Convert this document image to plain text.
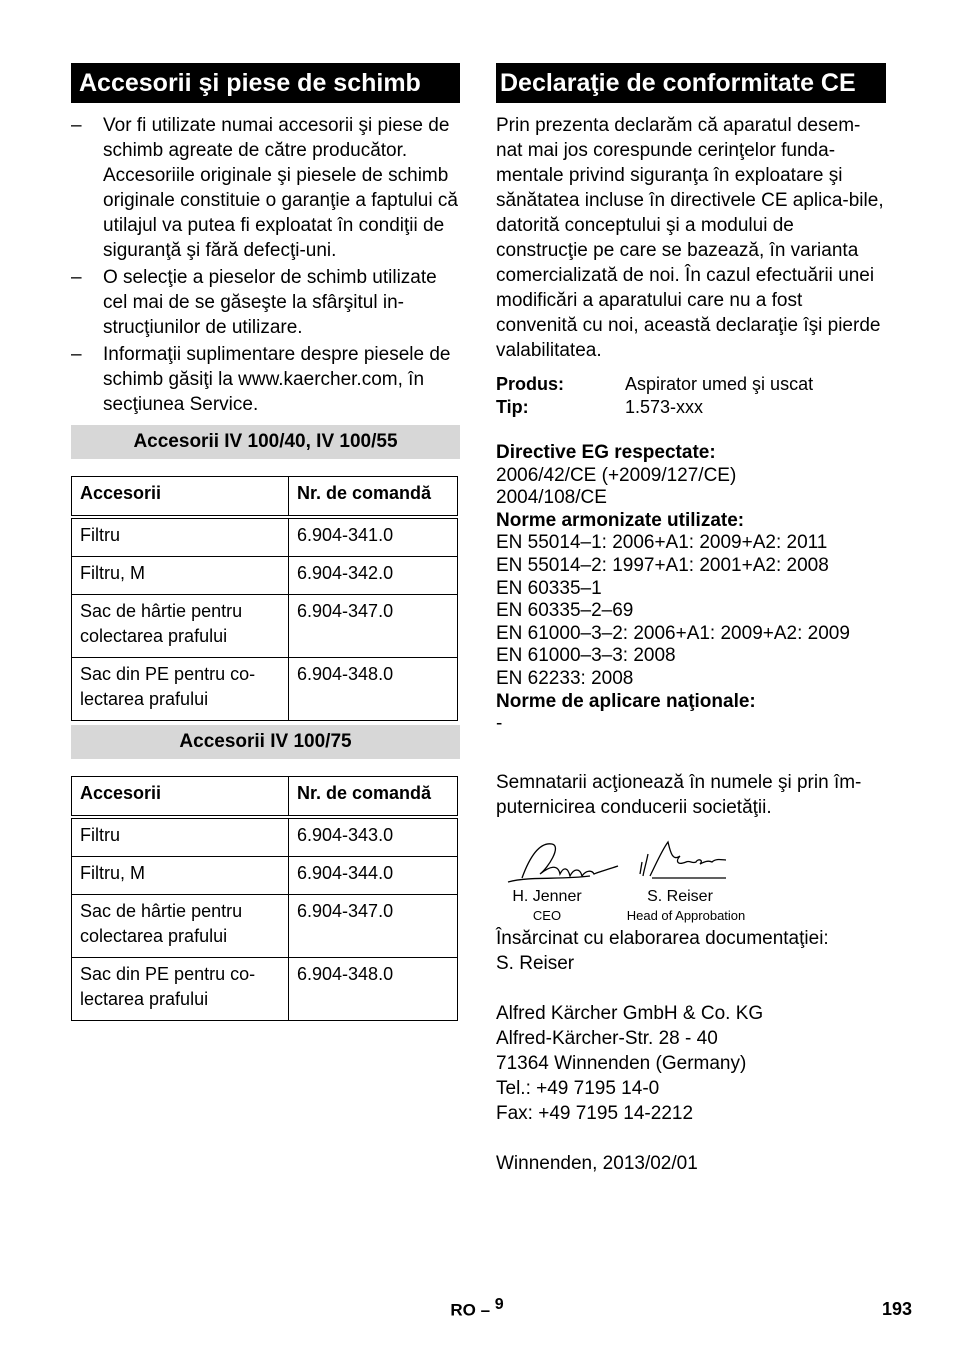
Accesorii şi piese de schimb
– Vor fi utilizate numai accesorii şi piese de schimb agreate de către producător. Accesoriile originale şi piesele de schimb originale constituie o garanţie a faptului că utilajul va putea fi exploatat în condiţii de siguranţă şi fără defecţi-uni.
– O selecţie a pieselor de schimb utilizate cel mai de se găseşte la sfârşitul in-strucţiunilor de utilizare.
– Informaţii suplimentare despre piesele de schimb găsiţi la www.kaercher.com, în secţiunea Service.
Accesorii IV 100/40, IV 100/55
Accesorii	Nr. de comandă
Filtru	6.904-341.0
Filtru, M	6.904-342.0
Sac de hârtie pentru colectarea prafului	6.904-347.0
Sac din PE pentru co-lectarea prafului	6.904-348.0
Accesorii IV 100/75
Accesorii	Nr. de comandă
Filtru	6.904-343.0
Filtru, M	6.904-344.0
Sac de hârtie pentru colectarea prafului	6.904-347.0
Sac din PE pentru co-lectarea prafului	6.904-348.0
Declaraţie de conformitate CE

Prin prezenta declarăm că aparatul desem-nat mai jos corespunde cerinţelor funda-mentale privind siguranţa în exploatare şi sănătatea incluse în directivele CE aplica-bile, datorită conceptului şi a modului de construcţie pe care se bazează, în varianta comercializată de noi. În cazul efectuării unei modificări a aparatului care nu a fost convenită cu noi, această declaraţie îşi pierde valabilitatea.

Produs:	Aspirator umed şi uscat
Tip:	1.573-xxx
Directive EG respectate:
2006/42/CE (+2009/127/CE)
2004/108/CE
Norme armonizate utilizate:
EN 55014–1: 2006+A1: 2009+A2: 2011
EN 55014–2: 1997+A1: 2001+A2: 2008
EN 60335–1
EN 60335–2–69
EN 61000–3–2: 2006+A1: 2009+A2: 2009
EN 61000–3–3: 2008
EN 62233: 2008
Norme de aplicare naţionale:
-

Semnatarii acţionează în numele şi prin îm-puternicirea conducerii societăţii.

H. Jenner
CEO
S. Reiser
Head of Approbation

Însărcinat cu elaborarea documentaţiei:
S. Reiser

Alfred Kärcher GmbH & Co. KG
Alfred-Kärcher-Str. 28 - 40
71364 Winnenden (Germany)
Tel.: +49 7195 14-0
Fax: +49 7195 14-2212

Winnenden, 2013/02/01

RO – $^9$	193
